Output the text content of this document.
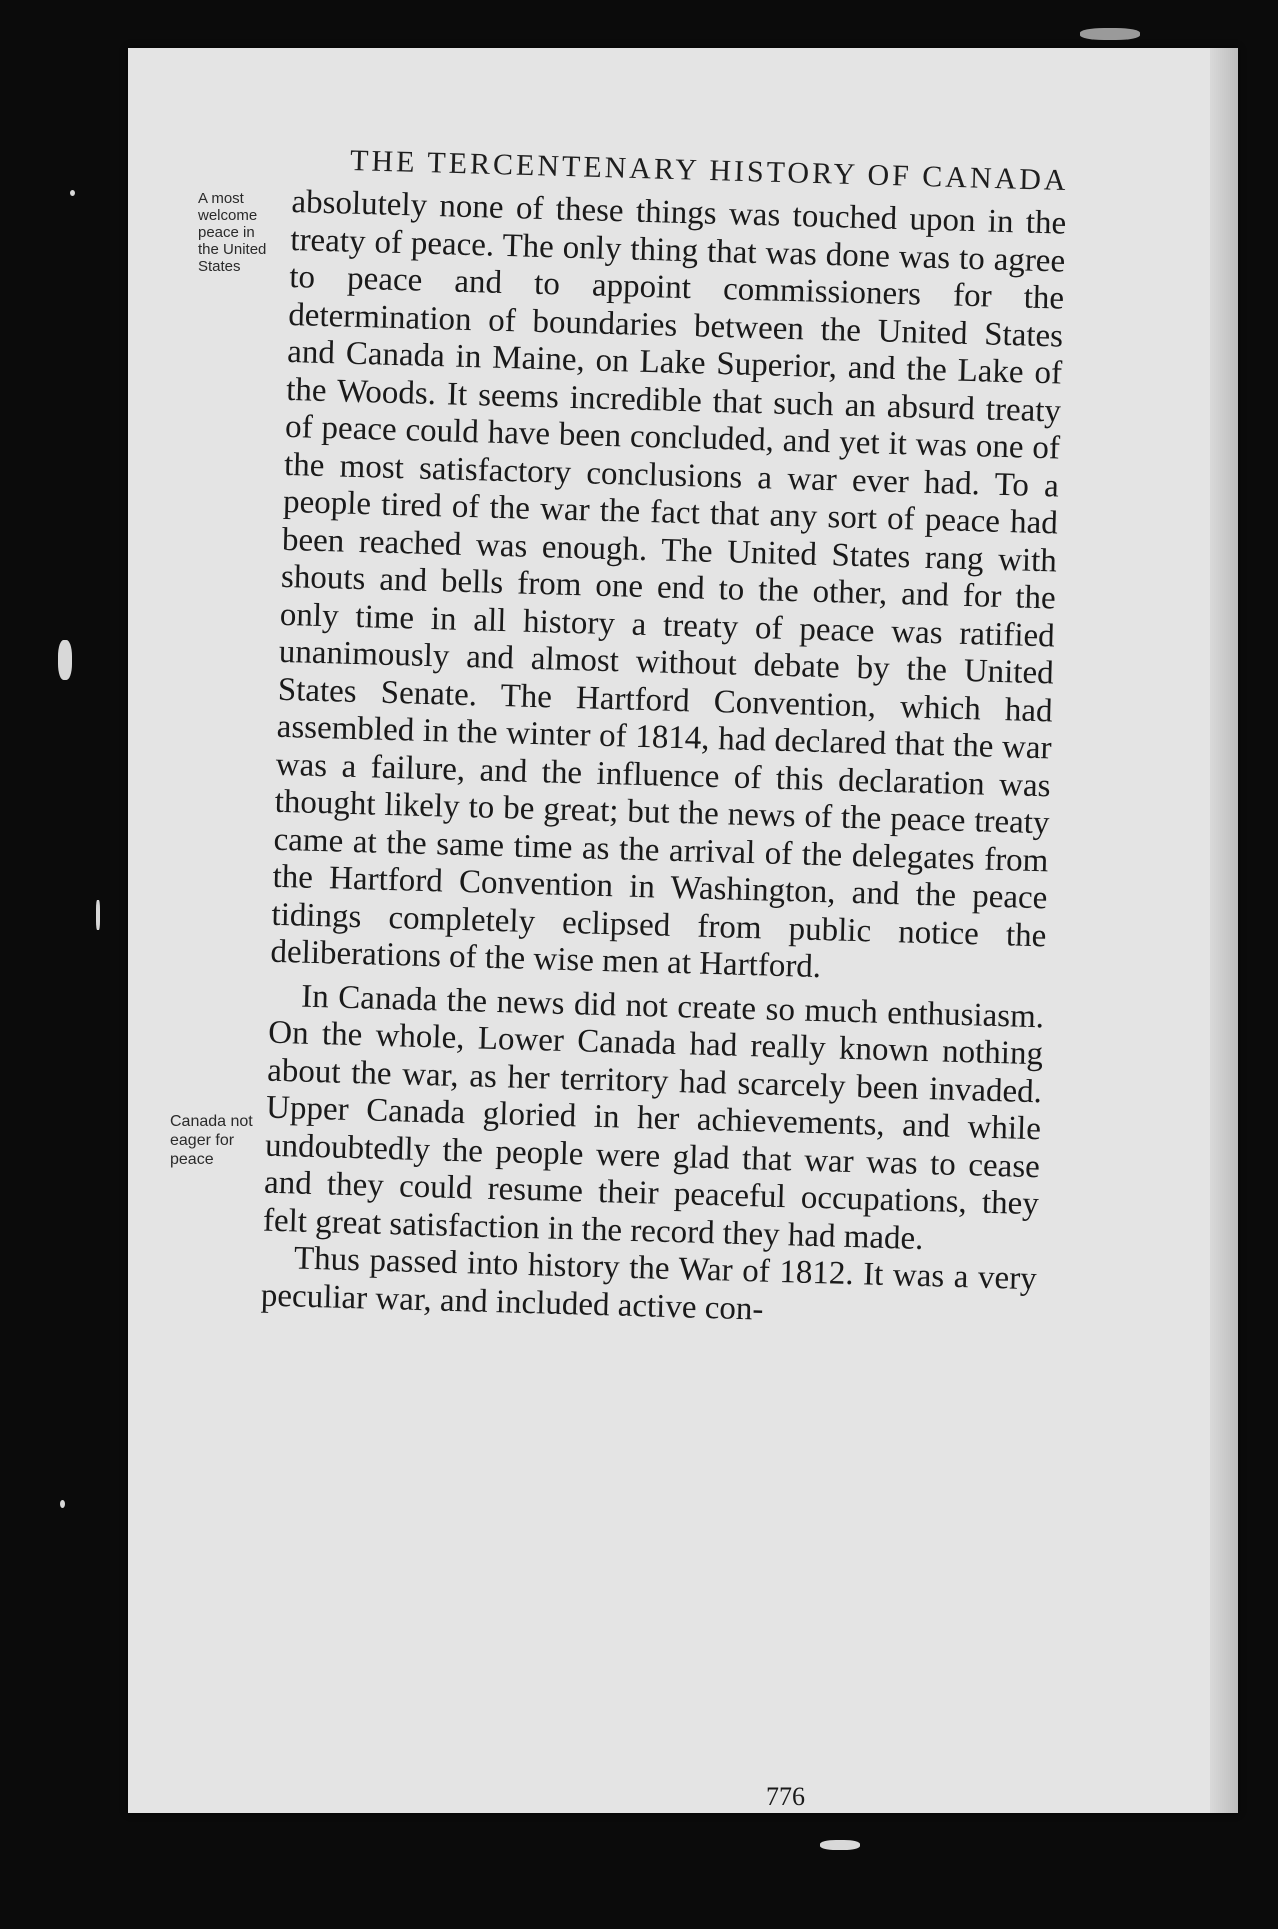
THE TERCENTENARY HISTORY OF CANADA
A most
welcome
peace in
the United
States
Canada not
eager for
peace

absolutely none of these things was touched upon in the treaty of peace. The only thing that was done was to agree to peace and to appoint commissioners for the determination of boundaries between the United States and Canada in Maine, on Lake Superior, and the Lake of the Woods. It seems incredible that such an absurd treaty of peace could have been concluded, and yet it was one of the most satisfactory conclusions a war ever had. To a people tired of the war the fact that any sort of peace had been reached was enough. The United States rang with shouts and bells from one end to the other, and for the only time in all history a treaty of peace was ratified unanimously and almost without debate by the United States Senate. The Hartford Convention, which had assembled in the winter of 1814, had declared that the war was a failure, and the influence of this declaration was thought likely to be great; but the news of the peace treaty came at the same time as the arrival of the delegates from the Hartford Convention in Washington, and the peace tidings completely eclipsed from public notice the deliberations of the wise men at Hartford.

In Canada the news did not create so much enthusiasm. On the whole, Lower Canada had really known nothing about the war, as her territory had scarcely been invaded. Upper Canada gloried in her achievements, and while undoubtedly the people were glad that war was to cease and they could resume their peaceful occupations, they felt great satisfaction in the record they had made.

Thus passed into history the War of 1812. It was a very peculiar war, and included active con-

776
